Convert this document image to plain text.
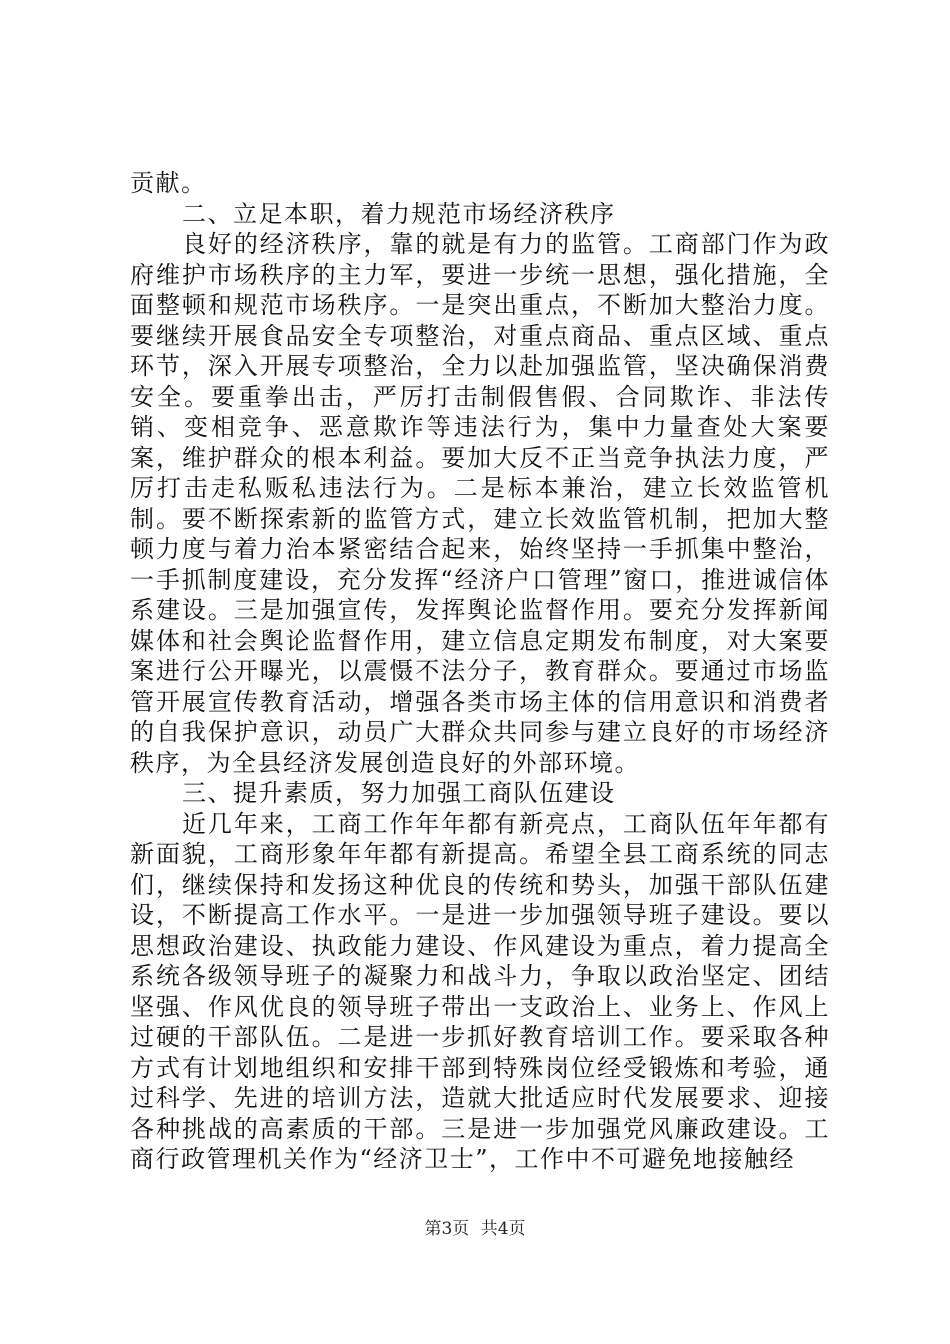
贡献。

二、立足本职，着力规范市场经济秩序

良好的经济秩序，靠的就是有力的监管。工商部门作为政府维护市场秩序的主力军，要进一步统一思想，强化措施，全面整顿和规范市场秩序。一是突出重点，不断加大整治力度。要继续开展食品安全专项整治，对重点商品、重点区域、重点环节，深入开展专项整治，全力以赴加强监管，坚决确保消费安全。要重拳出击，严厉打击制假售假、合同欺诈、非法传销、变相竞争、恶意欺诈等违法行为，集中力量查处大案要案，维护群众的根本利益。要加大反不正当竞争执法力度，严厉打击走私贩私违法行为。二是标本兼治，建立长效监管机制。要不断探索新的监管方式，建立长效监管机制，把加大整顿力度与着力治本紧密结合起来，始终坚持一手抓集中整治，一手抓制度建设，充分发挥“经济户口管理”窗口，推进诚信体系建设。三是加强宣传，发挥舆论监督作用。要充分发挥新闻媒体和社会舆论监督作用，建立信息定期发布制度，对大案要案进行公开曝光，以震慑不法分子，教育群众。要通过市场监管开展宣传教育活动，增强各类市场主体的信用意识和消费者的自我保护意识，动员广大群众共同参与建立良好的市场经济秩序，为全县经济发展创造良好的外部环境。

三、提升素质，努力加强工商队伍建设

近几年来，工商工作年年都有新亮点，工商队伍年年都有新面貌，工商形象年年都有新提高。希望全县工商系统的同志们，继续保持和发扬这种优良的传统和势头，加强干部队伍建设，不断提高工作水平。一是进一步加强领导班子建设。要以思想政治建设、执政能力建设、作风建设为重点，着力提高全系统各级领导班子的凝聚力和战斗力，争取以政治坚定、团结坚强、作风优良的领导班子带出一支政治上、业务上、作风上过硬的干部队伍。二是进一步抓好教育培训工作。要采取各种方式有计划地组织和安排干部到特殊岗位经受锻炼和考验，通过科学、先进的培训方法，造就大批适应时代发展要求、迎接各种挑战的高素质的干部。三是进一步加强党风廉政建设。工商行政管理机关作为“经济卫士”，工作中不可避免地接触经

第3页 共4页
